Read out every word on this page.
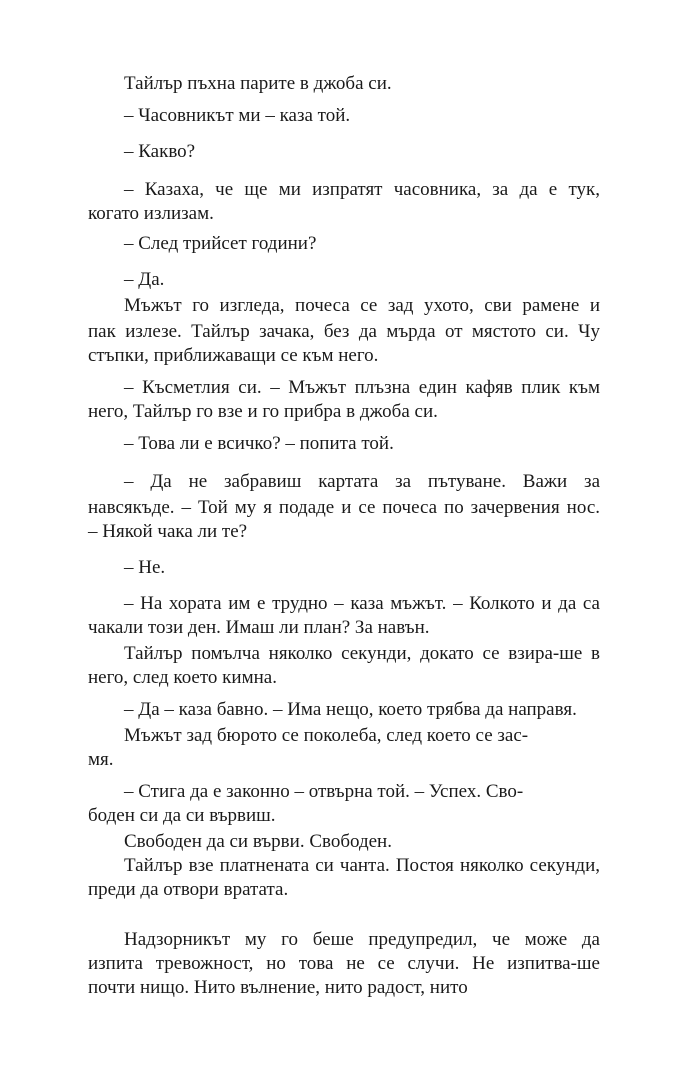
Тайлър пъхна парите в джоба си.
– Часовникът ми – каза той.
– Какво?
– Казаха, че ще ми изпратят часовника, за да е тук,
когато излизам.
– След трийсет години?
– Да.
Мъжът го изгледа, почеса се зад ухото, сви рамене и
пак излезе. Тайлър зачака, без да мърда от мястото си. Чу
стъпки, приближаващи се към него.
– Късметлия си. – Мъжът плъзна един кафяв плик към
него, Тайлър го взе и го прибра в джоба си.
– Това ли е всичко? – попита той.
– Да не забравиш картата за пътуване. Важи за
навсякъде. – Той му я подаде и се почеса по зачервения нос.
– Някой чака ли те?
– Не.
– На хората им е трудно – каза мъжът. – Колкото и да са
чакали този ден. Имаш ли план? За навън.
Тайлър помълча няколко секунди, докато се взира-ше в
него, след което кимна.
– Да – каза бавно. – Има нещо, което трябва да направя.
Мъжът зад бюрото се поколеба, след което се зас-
мя.
– Стига да е законно – отвърна той. – Успех. Сво-
боден си да си вървиш.
Свободен да си върви. Свободен.
Тайлър взе платнената си чанта. Постоя няколко секунди,
преди да отвори вратата.
Надзорникът му го беше предупредил, че може да
изпита тревожност, но това не се случи. Не изпитва-ше
почти нищо. Нито вълнение, нито радост, нито
